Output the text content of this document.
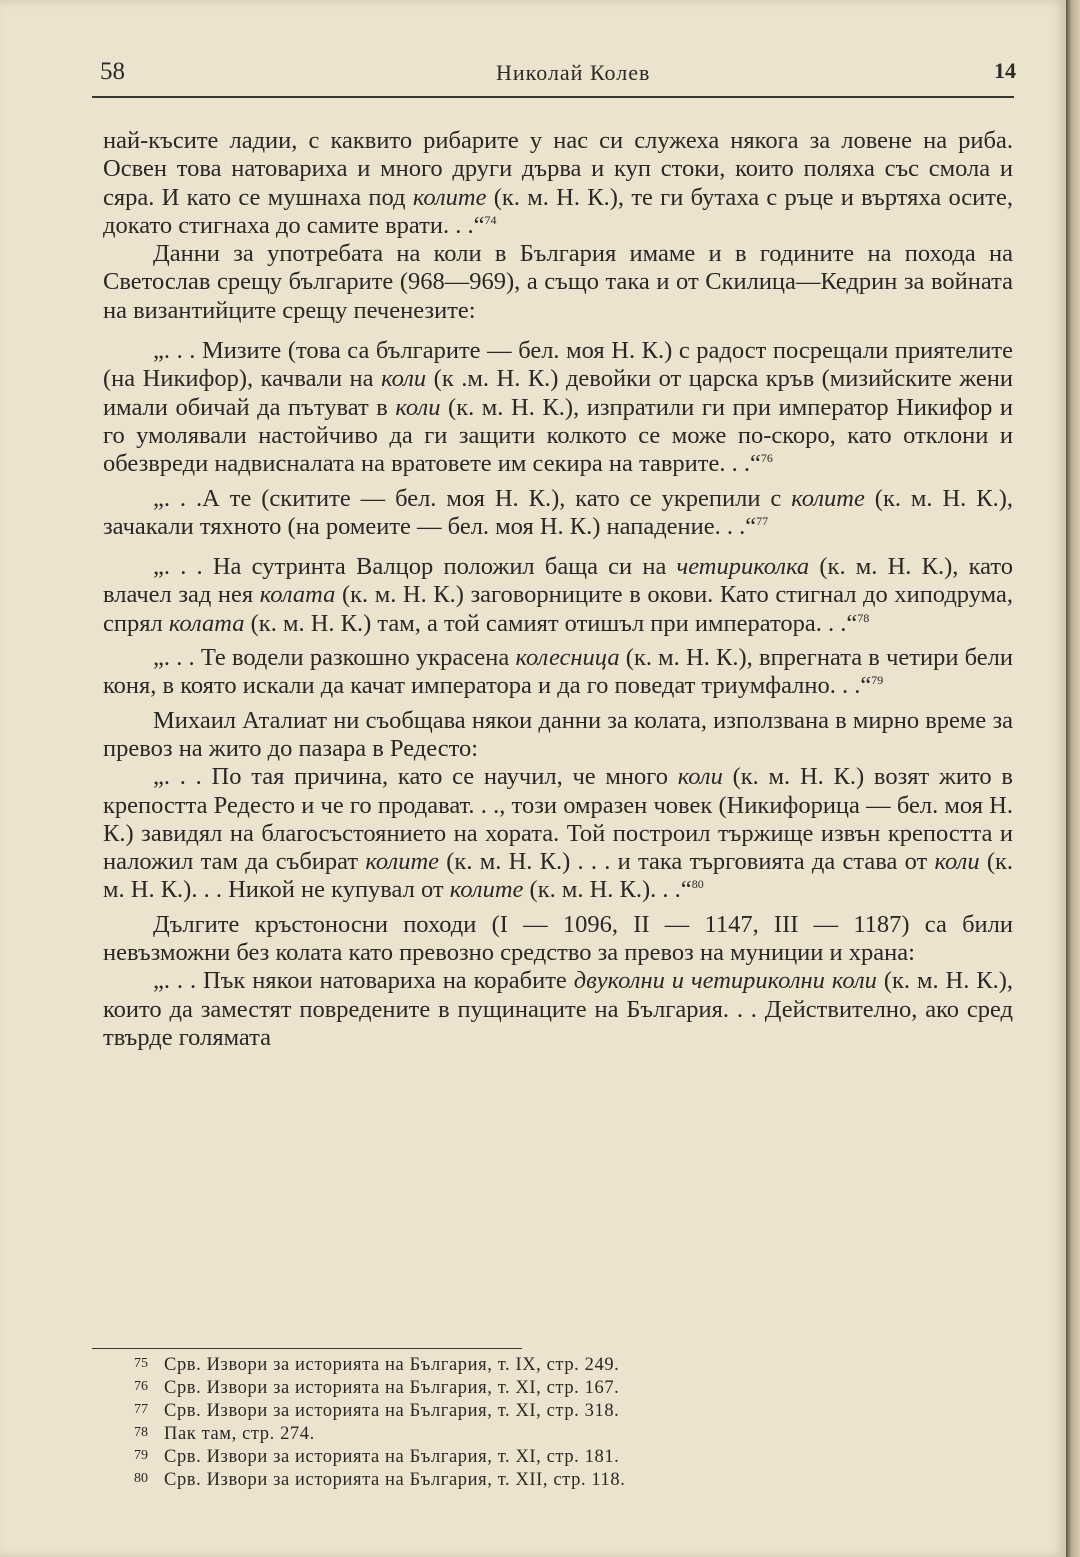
58	Николай Колев	14

най-късите ладии, с каквито рибарите у нас си служеха някога за ловене на риба. Освен това натовариха и много други дърва и куп стоки, които поляха със смола и сяра. И като се мушнаха под колите (к. м. Н. К.), те ги бутаха с ръце и въртяха осите, докато стигнаха до самите врати. . .“$^{74}$

Данни за употребата на коли в България имаме и в годините на похода на Светослав срещу българите (968—969), а също така и от Скилица—Кедрин за войната на византийците срещу печенезите:

„. . . Мизите (това са българите — бел. моя Н. К.) с радост посрещали приятелите (на Никифор), качвали на коли (к .м. Н. К.) девойки от царска кръв (мизийските жени имали обичай да пътуват в коли (к. м. Н. К.), изпратили ги при император Никифор и го умолявали настойчиво да ги защити колкото се може по-скоро, като отклони и обезвреди надвисналата на вратовете им секира на таврите. . .“$^{76}$

„. . .А те (скитите — бел. моя Н. К.), като се укрепили с колите (к. м. Н. К.), зачакали тяхното (на ромеите — бел. моя Н. К.) нападение. . .“$^{77}$

„. . . На сутринта Валцор положил баща си на четириколка (к. м. Н. К.), като влачел зад нея колата (к. м. Н. К.) заговорниците в окови. Като стигнал до хиподрума, спрял колата (к. м. Н. К.) там, а той самият отишъл при императора. . .“$^{78}$

„. . . Те водели разкошно украсена колесница (к. м. Н. К.), впрегната в четири бели коня, в която искали да качат императора и да го поведат триумфално. . .“$^{79}$

Михаил Аталиат ни съобщава някои данни за колата, използвана в мирно време за превоз на жито до пазара в Редесто:

„. . . По тая причина, като се научил, че много коли (к. м. Н. К.) возят жито в крепостта Редесто и че го продават. . ., този омразен човек (Никифорица — бел. моя Н. К.) завидял на благосъстоянието на хората. Той построил тържище извън крепостта и наложил там да събират колите (к. м. Н. К.) . . . и така търговията да става от коли (к. м. Н. К.). . . Никой не купувал от колите (к. м. Н. К.). . .“$^{80}$

Дългите кръстоносни походи (I — 1096, II — 1147, III — 1187) са били невъзможни без колата като превозно средство за превоз на муниции и храна:

„. . . Пък някои натовариха на корабите двуколни и четириколни коли (к. м. Н. К.), които да заместят повредените в пущинаците на България. . . Действително, ако сред твърде голямата

75 Срв. Извори за историята на България, т. IX, стр. 249.
76 Срв. Извори за историята на България, т. XI, стр. 167.
77 Срв. Извори за историята на България, т. XI, стр. 318.
78 Пак там, стр. 274.
79 Срв. Извори за историята на България, т. XI, стр. 181.
80 Срв. Извори за историята на България, т. XII, стр. 118.
